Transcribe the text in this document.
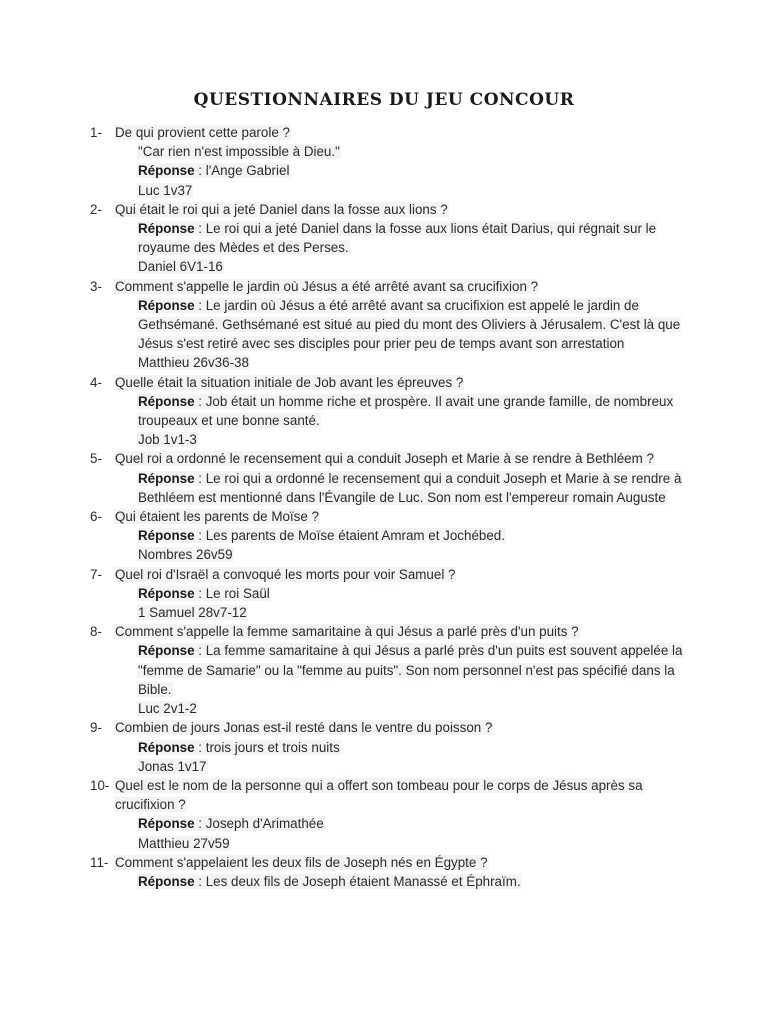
QUESTIONNAIRES DU JEU CONCOUR
1- De qui provient cette parole ?
"Car rien n'est impossible à Dieu."
Réponse : l'Ange Gabriel
Luc 1v37
2- Qui était le roi qui a jeté Daniel dans la fosse aux lions ?
Réponse : Le roi qui a jeté Daniel dans la fosse aux lions était Darius, qui régnait sur le royaume des Mèdes et des Perses.
Daniel 6V1-16
3- Comment s'appelle le jardin où Jésus a été arrêté avant sa crucifixion ?
Réponse : Le jardin où Jésus a été arrêté avant sa crucifixion est appelé le jardin de Gethsémané. Gethsémané est situé au pied du mont des Oliviers à Jérusalem. C'est là que Jésus s'est retiré avec ses disciples pour prier peu de temps avant son arrestation
Matthieu 26v36-38
4- Quelle était la situation initiale de Job avant les épreuves ?
Réponse : Job était un homme riche et prospère. Il avait une grande famille, de nombreux troupeaux et une bonne santé.
Job 1v1-3
5- Quel roi a ordonné le recensement qui a conduit Joseph et Marie à se rendre à Bethléem ?
Réponse : Le roi qui a ordonné le recensement qui a conduit Joseph et Marie à se rendre à Bethléem est mentionné dans l'Évangile de Luc. Son nom est l'empereur romain Auguste
6- Qui étaient les parents de Moïse ?
Réponse : Les parents de Moïse étaient Amram et Jochébed.
Nombres 26v59
7- Quel roi d'Israël a convoqué les morts pour voir Samuel ?
Réponse : Le roi Saül
1 Samuel 28v7-12
8- Comment s'appelle la femme samaritaine à qui Jésus a parlé près d'un puits ?
Réponse : La femme samaritaine à qui Jésus a parlé près d'un puits est souvent appelée la "femme de Samarie" ou la "femme au puits". Son nom personnel n'est pas spécifié dans la Bible.
Luc 2v1-2
9- Combien de jours Jonas est-il resté dans le ventre du poisson ?
Réponse : trois jours et trois nuits
Jonas 1v17
10- Quel est le nom de la personne qui a offert son tombeau pour le corps de Jésus après sa crucifixion ?
Réponse : Joseph d'Arimathée
Matthieu 27v59
11- Comment s'appelaient les deux fils de Joseph nés en Égypte ?
Réponse : Les deux fils de Joseph étaient Manassé et Éphraïm.
